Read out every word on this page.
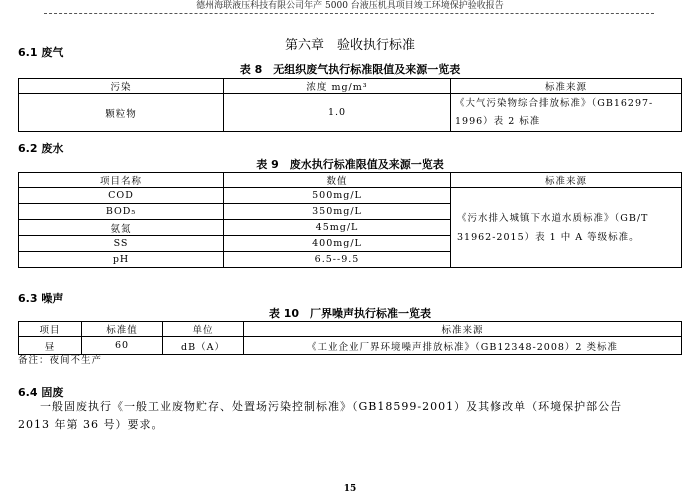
德州海联液压科技有限公司年产 5000 台液压机具项目竣工环境保护验收报告
第六章　验收执行标准
6.1 废气
表 8　无组织废气执行标准限值及来源一览表
污染	浓度 mg/m³	标准来源
颗粒物	1.0	《大气污染物综合排放标准》（GB16297-1996）表 2 标准
6.2 废水
表 9　废水执行标准限值及来源一览表
项目名称	数值	标准来源
COD	500mg/L	《污水排入城镇下水道水质标准》（GB/T 31962-2015）表 1 中 A 等级标准。
BOD₅	350mg/L	
氨氮	45mg/L	
SS	400mg/L	
pH	6.5--9.5	
6.3 噪声
表 10　厂界噪声执行标准一览表
项目	标准值	单位	标准来源
昼	60	dB（A）	《工业企业厂界环境噪声排放标准》（GB12348-2008）2 类标准
备注：夜间不生产
6.4 固废
一般固废执行《一般工业废物贮存、处置场污染控制标准》（GB18599-2001）及其修改单（环境保护部公告 2013 年第 36 号）要求。
15
